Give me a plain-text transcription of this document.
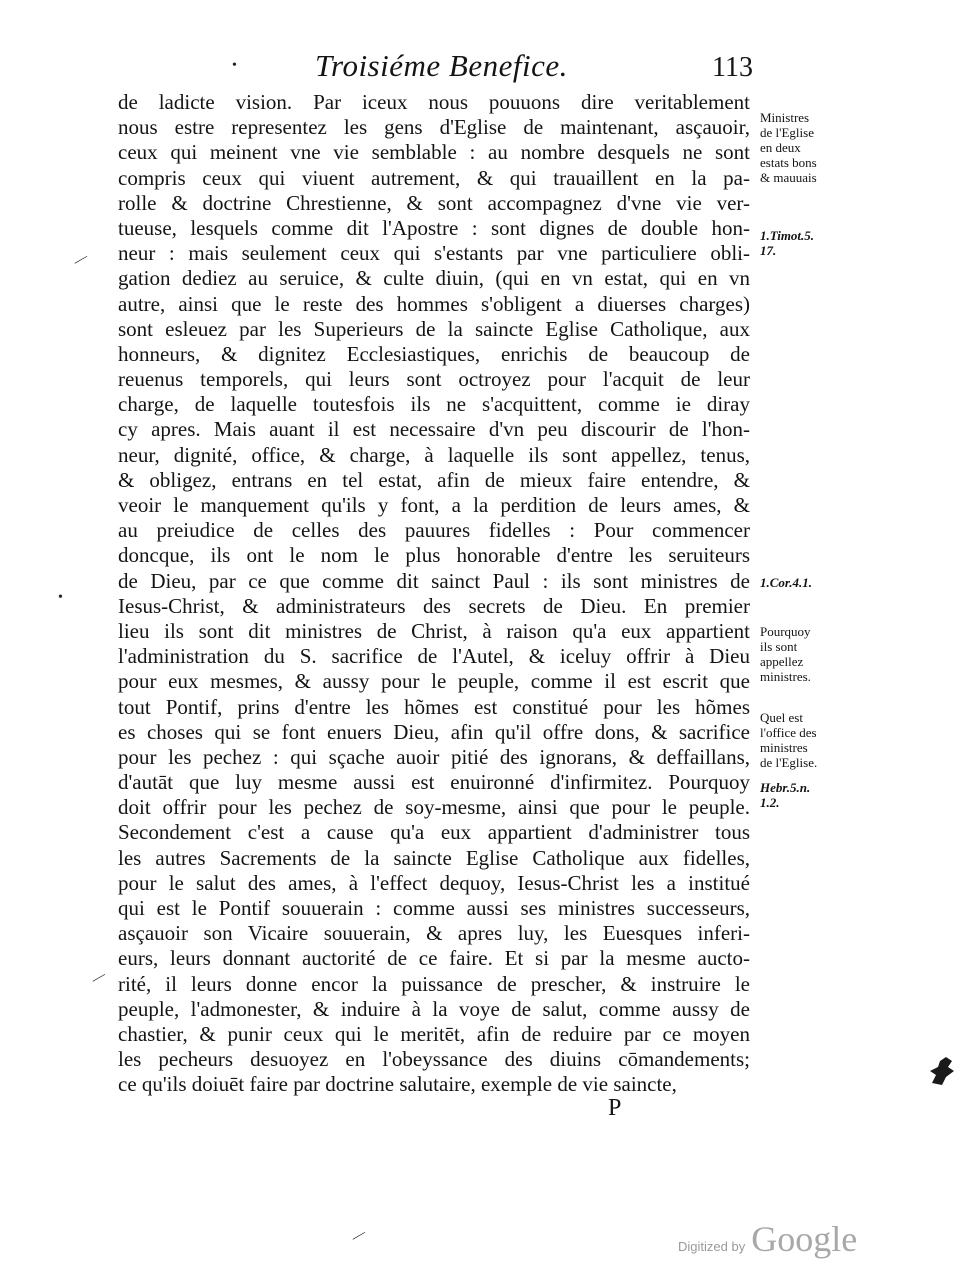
Troisiéme Benefice.	113
de ladicte vision. Par iceux nous pouuons dire veritablement
nous estre representez les gens d'Eglise de maintenant, asçauoir,
ceux qui meinent vne vie semblable : au nombre desquels ne sont
compris ceux qui viuent autrement, & qui trauaillent en la pa-
rolle & doctrine Chrestienne, & sont accompagnez d'vne vie ver-
tueuse, lesquels comme dit l'Apostre : sont dignes de double hon-
neur : mais seulement ceux qui s'estants par vne particuliere obli-
gation dediez au seruice, & culte diuin, (qui en vn estat, qui en vn
autre, ainsi que le reste des hommes s'obligent a diuerses charges)
sont esleuez par les Superieurs de la saincte Eglise Catholique, aux
honneurs, & dignitez Ecclesiastiques, enrichis de beaucoup de
reuenus temporels, qui leurs sont octroyez pour l'acquit de leur
charge, de laquelle toutesfois ils ne s'acquittent, comme ie diray
cy apres. Mais auant il est necessaire d'vn peu discourir de l'hon-
neur, dignité, office, & charge, à laquelle ils sont appellez, tenus,
& obligez, entrans en tel estat, afin de mieux faire entendre, &
veoir le manquement qu'ils y font, a la perdition de leurs ames, &
au preiudice de celles des pauures fidelles : Pour commencer
doncque, ils ont le nom le plus honorable d'entre les seruiteurs
de Dieu, par ce que comme dit sainct Paul : ils sont ministres de
Iesus-Christ, & administrateurs des secrets de Dieu. En premier
lieu ils sont dit ministres de Christ, à raison qu'a eux appartient
l'administration du S. sacrifice de l'Autel, & iceluy offrir à Dieu
pour eux mesmes, & aussy pour le peuple, comme il est escrit que
tout Pontif, prins d'entre les hõmes est constitué pour les hõmes
es choses qui se font enuers Dieu, afin qu'il offre dons, & sacrifice
pour les pechez : qui sçache auoir pitié des ignorans, & deffaillans,
d'autāt que luy mesme aussi est enuironné d'infirmitez. Pourquoy
doit offrir pour les pechez de soy-mesme, ainsi que pour le peuple.
Secondement c'est a cause qu'a eux appartient d'administrer tous
les autres Sacrements de la saincte Eglise Catholique aux fidelles,
pour le salut des ames, à l'effect dequoy, Iesus-Christ les a institué
qui est le Pontif souuerain : comme aussi ses ministres successeurs,
asçauoir son Vicaire souuerain, & apres luy, les Euesques inferi-
eurs, leurs donnant auctorité de ce faire. Et si par la mesme aucto-
rité, il leurs donne encor la puissance de prescher, & instruire le
peuple, l'admonester, & induire à la voye de salut, comme aussy de
chastier, & punir ceux qui le meritēt, afin de reduire par ce moyen
les pecheurs desuoyez en l'obeyssance des diuins cōmandements;
ce qu'ils doiuēt faire par doctrine salutaire, exemple de vie saincte,
Ministres
de l'Eglise
en deux
estats bons
& mauuais
1.Timot.5.
17.
1.Cor.4.1.
Pourquoy
ils sont
appellez
ministres.
Quel est
l'office des
ministres
de l'Eglise.
Hebr.5.n.
1.2.
P
•
—
•
—
—
Digitized by Google
